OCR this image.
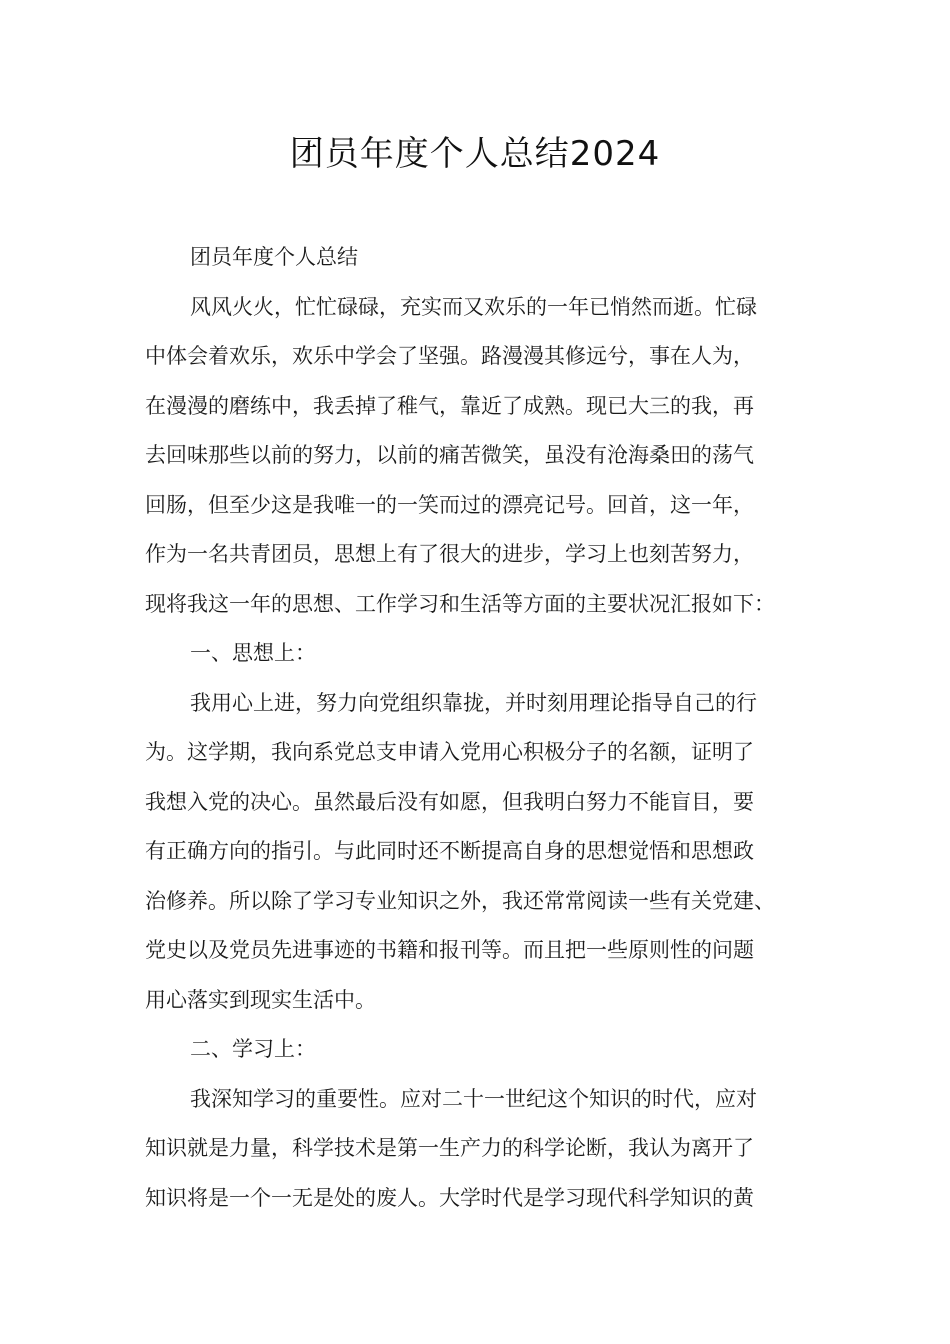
团员年度个人总结2024
团员年度个人总结
风风火火，忙忙碌碌，充实而又欢乐的一年已悄然而逝。忙碌
中体会着欢乐，欢乐中学会了坚强。路漫漫其修远兮，事在人为，
在漫漫的磨练中，我丢掉了稚气，靠近了成熟。现已大三的我，再
去回味那些以前的努力，以前的痛苦微笑，虽没有沧海桑田的荡气
回肠，但至少这是我唯一的一笑而过的漂亮记号。回首，这一年，
作为一名共青团员，思想上有了很大的进步，学习上也刻苦努力，
现将我这一年的思想、工作学习和生活等方面的主要状况汇报如下：
一、思想上：
我用心上进，努力向党组织靠拢，并时刻用理论指导自己的行
为。这学期，我向系党总支申请入党用心积极分子的名额，证明了
我想入党的决心。虽然最后没有如愿，但我明白努力不能盲目，要
有正确方向的指引。与此同时还不断提高自身的思想觉悟和思想政
治修养。所以除了学习专业知识之外，我还常常阅读一些有关党建、
党史以及党员先进事迹的书籍和报刊等。而且把一些原则性的问题
用心落实到现实生活中。
二、学习上：
我深知学习的重要性。应对二十一世纪这个知识的时代，应对
知识就是力量，科学技术是第一生产力的科学论断，我认为离开了
知识将是一个一无是处的废人。大学时代是学习现代科学知识的黄
